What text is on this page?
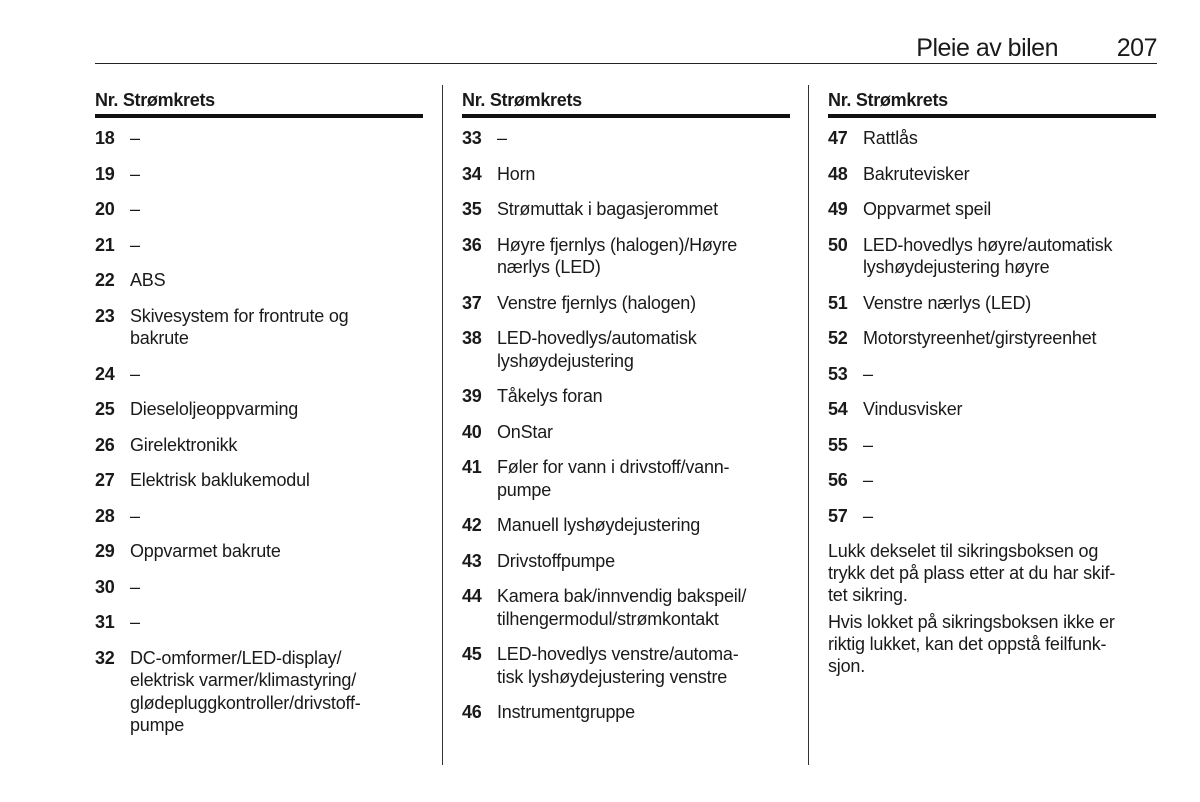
Pleie av bilen 207
Nr. Strømkrets
18 –
19 –
20 –
21 –
22 ABS
23 Skivesystem for frontrute og
bakrute
24 –
25 Dieseloljeoppvarming
26 Girelektronikk
27 Elektrisk baklukemodul
28 –
29 Oppvarmet bakrute
30 –
31 –
32 DC-omformer/LED-display/
elektrisk varmer/klimastyring/
glødepluggkontroller/drivstoff-
pumpe
Nr. Strømkrets
33 –
34 Horn
35 Strømuttak i bagasjerommet
36 Høyre fjernlys (halogen)/Høyre
nærlys (LED)
37 Venstre fjernlys (halogen)
38 LED-hovedlys/automatisk
lyshøydejustering
39 Tåkelys foran
40 OnStar
41 Føler for vann i drivstoff/vann-
pumpe
42 Manuell lyshøydejustering
43 Drivstoffpumpe
44 Kamera bak/innvendig bakspeil/
tilhengermodul/strømkontakt
45 LED-hovedlys venstre/automa-
tisk lyshøydejustering venstre
46 Instrumentgruppe
Nr. Strømkrets
47 Rattlås
48 Bakrutevisker
49 Oppvarmet speil
50 LED-hovedlys høyre/automatisk
lyshøydejustering høyre
51 Venstre nærlys (LED)
52 Motorstyreenhet/girstyreenhet
53 –
54 Vindusvisker
55 –
56 –
57 –
Lukk dekselet til sikringsboksen og
trykk det på plass etter at du har skif-
tet sikring.
Hvis lokket på sikringsboksen ikke er
riktig lukket, kan det oppstå feilfunk-
sjon.
